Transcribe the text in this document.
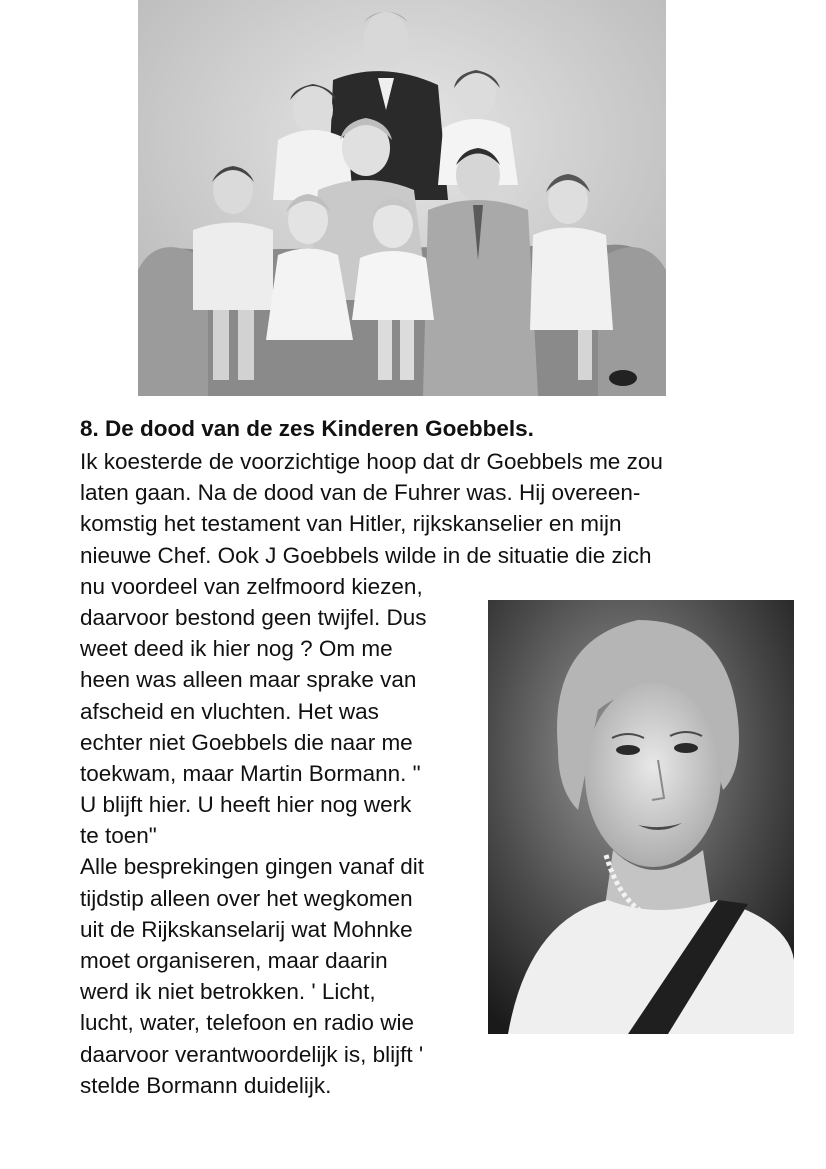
8. De dood van de zes Kinderen Goebbels.
Ik koesterde de voorzichtige hoop dat dr Goebbels me zou
laten gaan. Na de dood van de Fuhrer was. Hij overeen-
komstig het testament van Hitler, rijkskanselier en mijn
nieuwe Chef. Ook J Goebbels wilde in de situatie die zich
nu voordeel van zelfmoord kiezen,
daarvoor bestond geen twijfel. Dus
weet deed ik hier nog ? Om me
heen was alleen maar sprake van
afscheid en vluchten. Het was
echter niet Goebbels die naar me
toekwam, maar Martin Bormann. "
U blijft hier. U heeft hier nog werk
te toen"
Alle besprekingen gingen vanaf dit
tijdstip alleen over het wegkomen
uit de Rijkskanselarij wat Mohnke
moet organiseren, maar daarin
werd ik niet betrokken. ' Licht,
lucht, water, telefoon en radio wie
daarvoor verantwoordelijk is, blijft '
stelde Bormann duidelijk.
